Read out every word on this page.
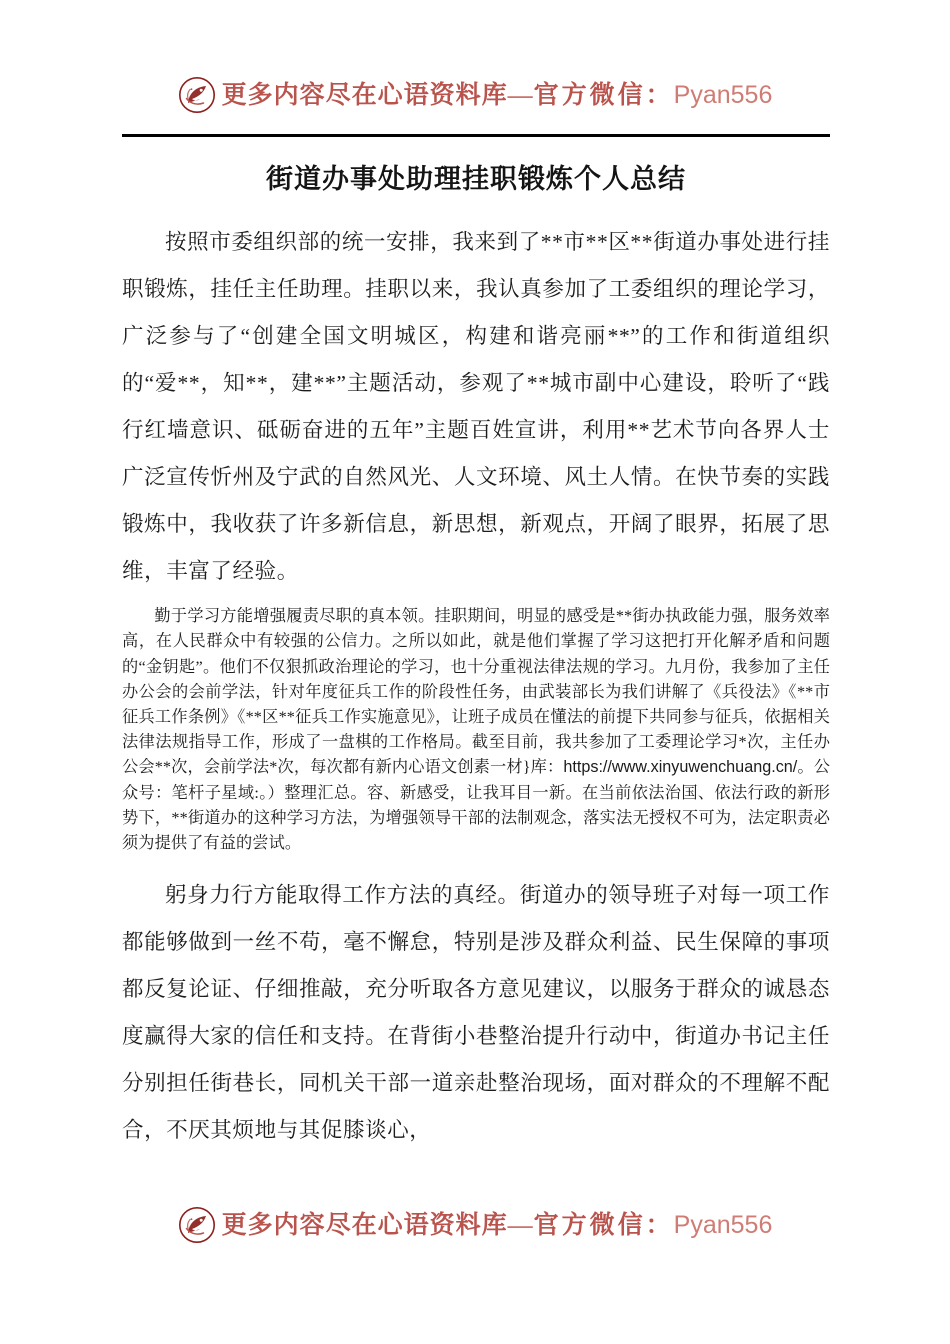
更多内容尽在心语资料库—官方微信：Pyan556
街道办事处助理挂职锻炼个人总结

按照市委组织部的统一安排，我来到了**市**区**街道办事处进行挂职锻炼，挂任主任助理。挂职以来，我认真参加了工委组织的理论学习，广泛参与了“创建全国文明城区，构建和谐亮丽**”的工作和街道组织的“爱**，知**，建**”主题活动，参观了**城市副中心建设，聆听了“践行红墙意识、砥砺奋进的五年”主题百姓宣讲，利用**艺术节向各界人士广泛宣传忻州及宁武的自然风光、人文环境、风土人情。在快节奏的实践锻炼中，我收获了许多新信息，新思想，新观点，开阔了眼界，拓展了思维，丰富了经验。

勤于学习方能增强履责尽职的真本领。挂职期间，明显的感受是**街办执政能力强，服务效率高，在人民群众中有较强的公信力。之所以如此，就是他们掌握了学习这把打开化解矛盾和问题的“金钥匙”。他们不仅狠抓政治理论的学习，也十分重视法律法规的学习。九月份，我参加了主任办公会的会前学法，针对年度征兵工作的阶段性任务，由武装部长为我们讲解了《兵役法》《**市征兵工作条例》《**区**征兵工作实施意见》，让班子成员在懂法的前提下共同参与征兵，依据相关法律法规指导工作，形成了一盘棋的工作格局。截至目前，我共参加了工委理论学习*次，主任办公会**次，会前学法*次，每次都有新内心语文创素一材}库：https://www.xinyuwenchuang.cn/。公众号：笔杆子星域:。）整理汇总。容、新感受，让我耳目一新。在当前依法治国、依法行政的新形势下，**街道办的这种学习方法，为增强领导干部的法制观念，落实法无授权不可为，法定职责必须为提供了有益的尝试。

躬身力行方能取得工作方法的真经。街道办的领导班子对每一项工作都能够做到一丝不苟，毫不懈怠，特别是涉及群众利益、民生保障的事项都反复论证、仔细推敲，充分听取各方意见建议，以服务于群众的诚恳态度赢得大家的信任和支持。在背街小巷整治提升行动中，街道办书记主任分别担任街巷长，同机关干部一道亲赴整治现场，面对群众的不理解不配合，不厌其烦地与其促膝谈心，

更多内容尽在心语资料库—官方微信：Pyan556
